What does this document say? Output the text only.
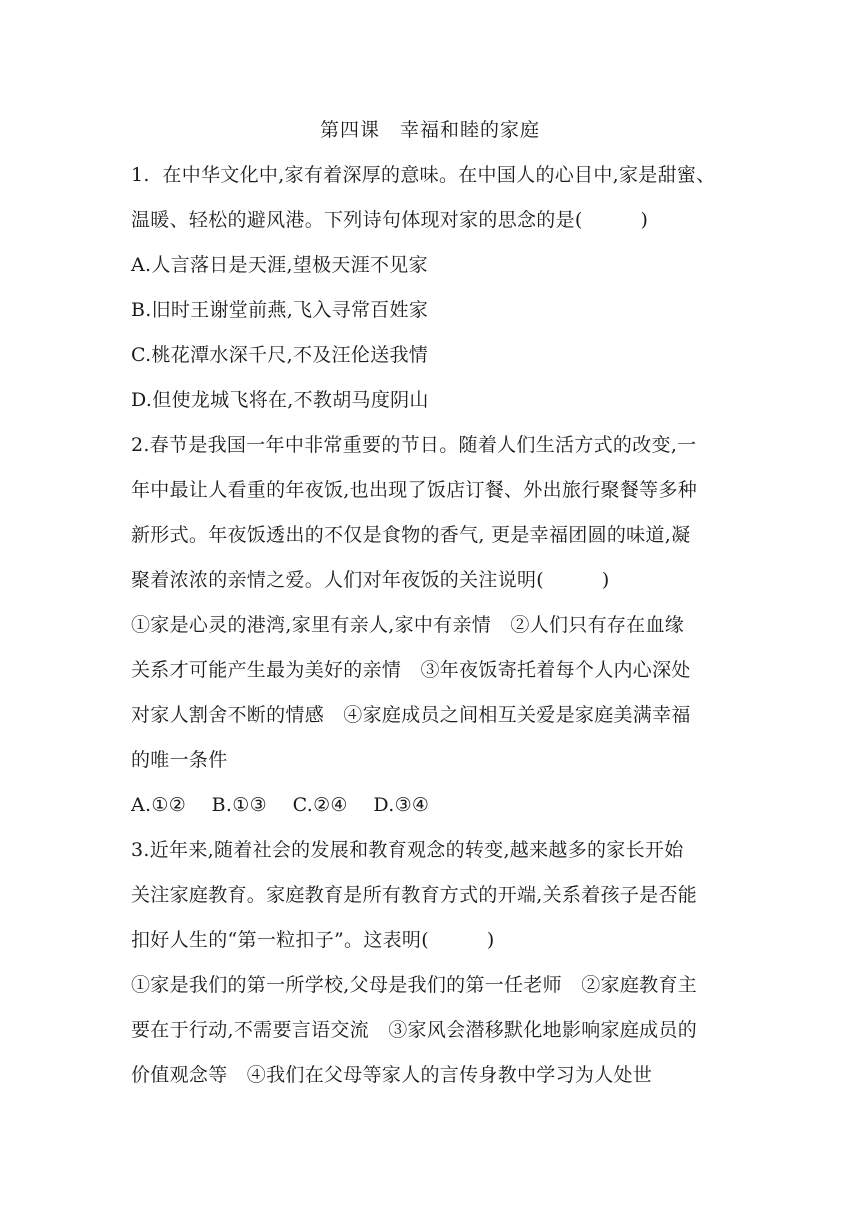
第四课　幸福和睦的家庭
1.  在中华文化中,家有着深厚的意味。在中国人的心目中,家是甜蜜、
温暖、轻松的避风港。下列诗句体现对家的思念的是(　　　)
A.人言落日是天涯,望极天涯不见家
B.旧时王谢堂前燕,飞入寻常百姓家
C.桃花潭水深千尺,不及汪伦送我情
D.但使龙城飞将在,不教胡马度阴山
2.春节是我国一年中非常重要的节日。随着人们生活方式的改变,一
年中最让人看重的年夜饭,也出现了饭店订餐、外出旅行聚餐等多种
新形式。年夜饭透出的不仅是食物的香气, 更是幸福团圆的味道,凝
聚着浓浓的亲情之爱。人们对年夜饭的关注说明(　　　)
①家是心灵的港湾,家里有亲人,家中有亲情　②人们只有存在血缘
关系才可能产生最为美好的亲情　③年夜饭寄托着每个人内心深处
对家人割舍不断的情感　④家庭成员之间相互关爱是家庭美满幸福
的唯一条件
A.①②　 B.①③　 C.②④　 D.③④
3.近年来,随着社会的发展和教育观念的转变,越来越多的家长开始
关注家庭教育。家庭教育是所有教育方式的开端,关系着孩子是否能
扣好人生的“第一粒扣子”。这表明(　　　)
①家是我们的第一所学校,父母是我们的第一任老师　②家庭教育主
要在于行动,不需要言语交流　③家风会潜移默化地影响家庭成员的
价值观念等　④我们在父母等家人的言传身教中学习为人处世
